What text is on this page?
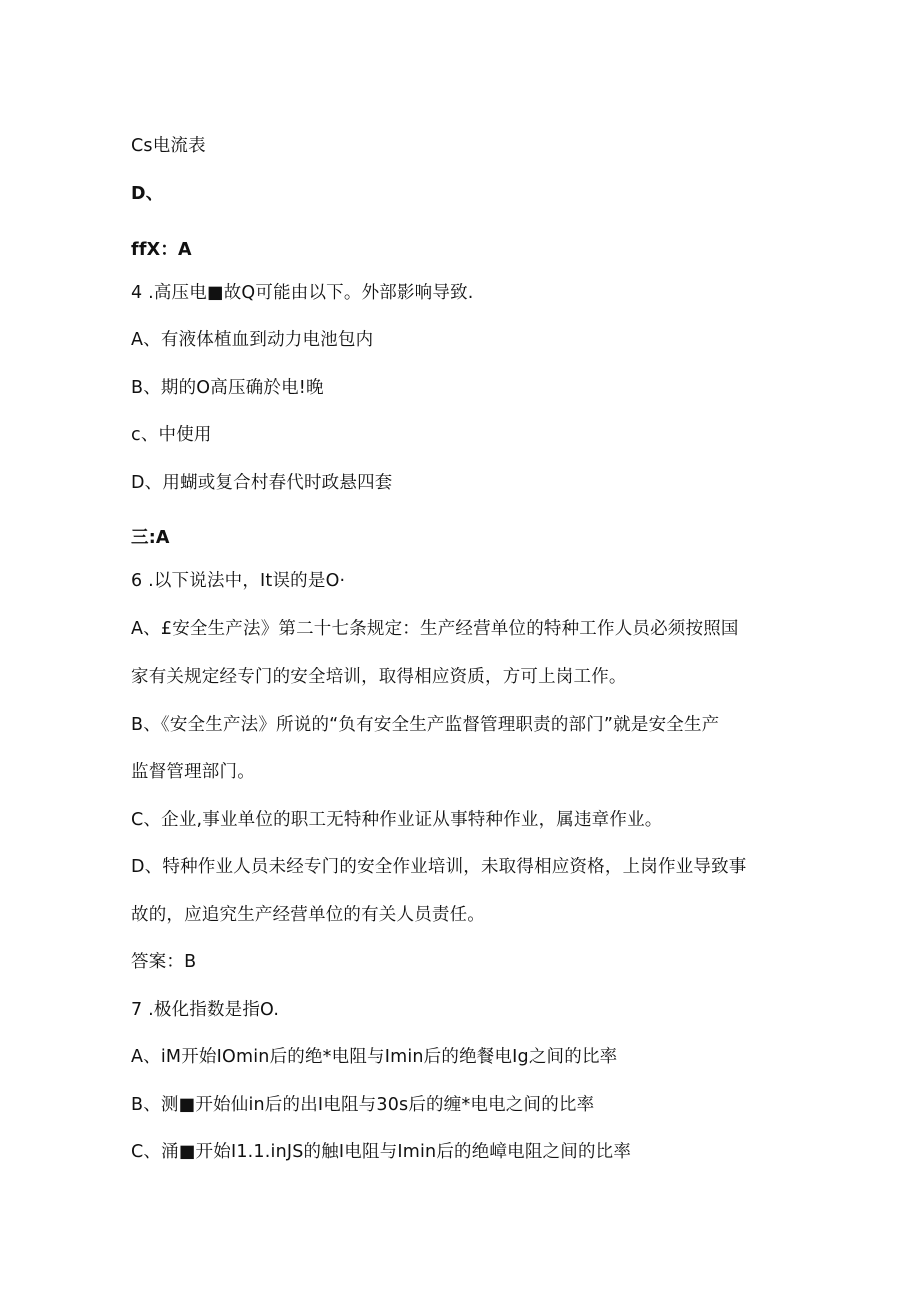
Cs电流表
D、
ffX：A
4 .高压电■故Q可能由以下。外部影响导致.
A、有液体植血到动力电池包内
B、期的O高压确於电!晚
c、中使用
D、用蝴或复合村春代时政悬四套
三:A
6 .以下说法中，It误的是O·
A、£安全生产法》第二十七条规定：生产经营单位的特种工作人员必须按照国
家有关规定经专门的安全培训，取得相应资质，方可上岗工作。
B、《安全生产法》所说的“负有安全生产监督管理职责的部门”就是安全生产
监督管理部门。
C、企业,事业单位的职工无特种作业证从事特种作业，属违章作业。
D、特种作业人员未经专门的安全作业培训，未取得相应资格，上岗作业导致事
故的，应追究生产经营单位的有关人员责任。
答案：B
7 .极化指数是指O.
A、iM开始IOmin后的绝*电阻与Imin后的绝餐电Ig之间的比率
B、测■开始仙in后的出I电阻与30s后的缠*电电之间的比率
C、涌■开始I1.1.inJS的触I电阻与Imin后的绝嶂电阻之间的比率
